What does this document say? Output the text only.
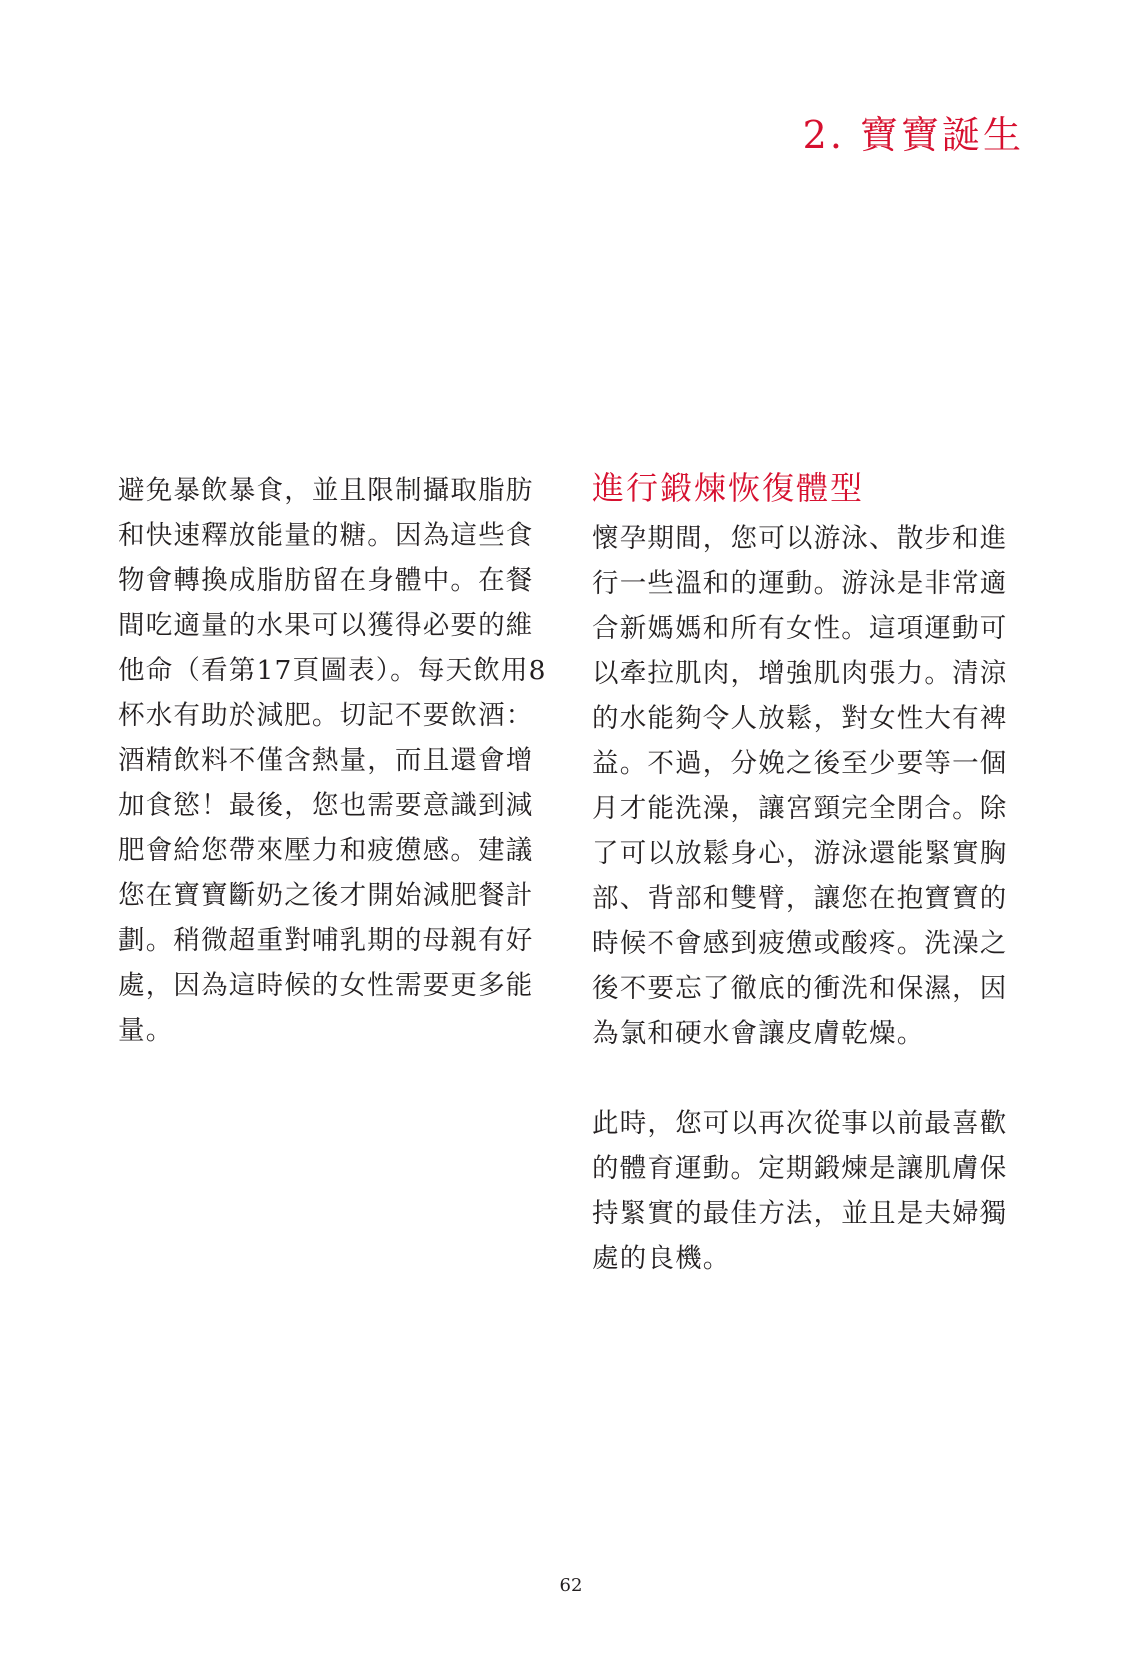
2. 寶寶誕生

避免暴飲暴食，並且限制攝取脂肪
和快速釋放能量的糖。因為這些食
物會轉換成脂肪留在身體中。在餐
間吃適量的水果可以獲得必要的維
他命（看第17頁圖表）。每天飲用8
杯水有助於減肥。切記不要飲酒：
酒精飲料不僅含熱量，而且還會增
加食慾！最後，您也需要意識到減
肥會給您帶來壓力和疲憊感。建議
您在寶寶斷奶之後才開始減肥餐計
劃。稍微超重對哺乳期的母親有好
處，因為這時候的女性需要更多能
量。

進行鍛煉恢復體型

懷孕期間，您可以游泳、散步和進
行一些溫和的運動。游泳是非常適
合新媽媽和所有女性。這項運動可
以牽拉肌肉，增強肌肉張力。清涼
的水能夠令人放鬆，對女性大有裨
益。不過，分娩之後至少要等一個
月才能洗澡，讓宮頸完全閉合。除
了可以放鬆身心，游泳還能緊實胸
部、背部和雙臂，讓您在抱寶寶的
時候不會感到疲憊或酸疼。洗澡之
後不要忘了徹底的衝洗和保濕，因
為氯和硬水會讓皮膚乾燥。

此時，您可以再次從事以前最喜歡
的體育運動。定期鍛煉是讓肌膚保
持緊實的最佳方法，並且是夫婦獨
處的良機。

62
